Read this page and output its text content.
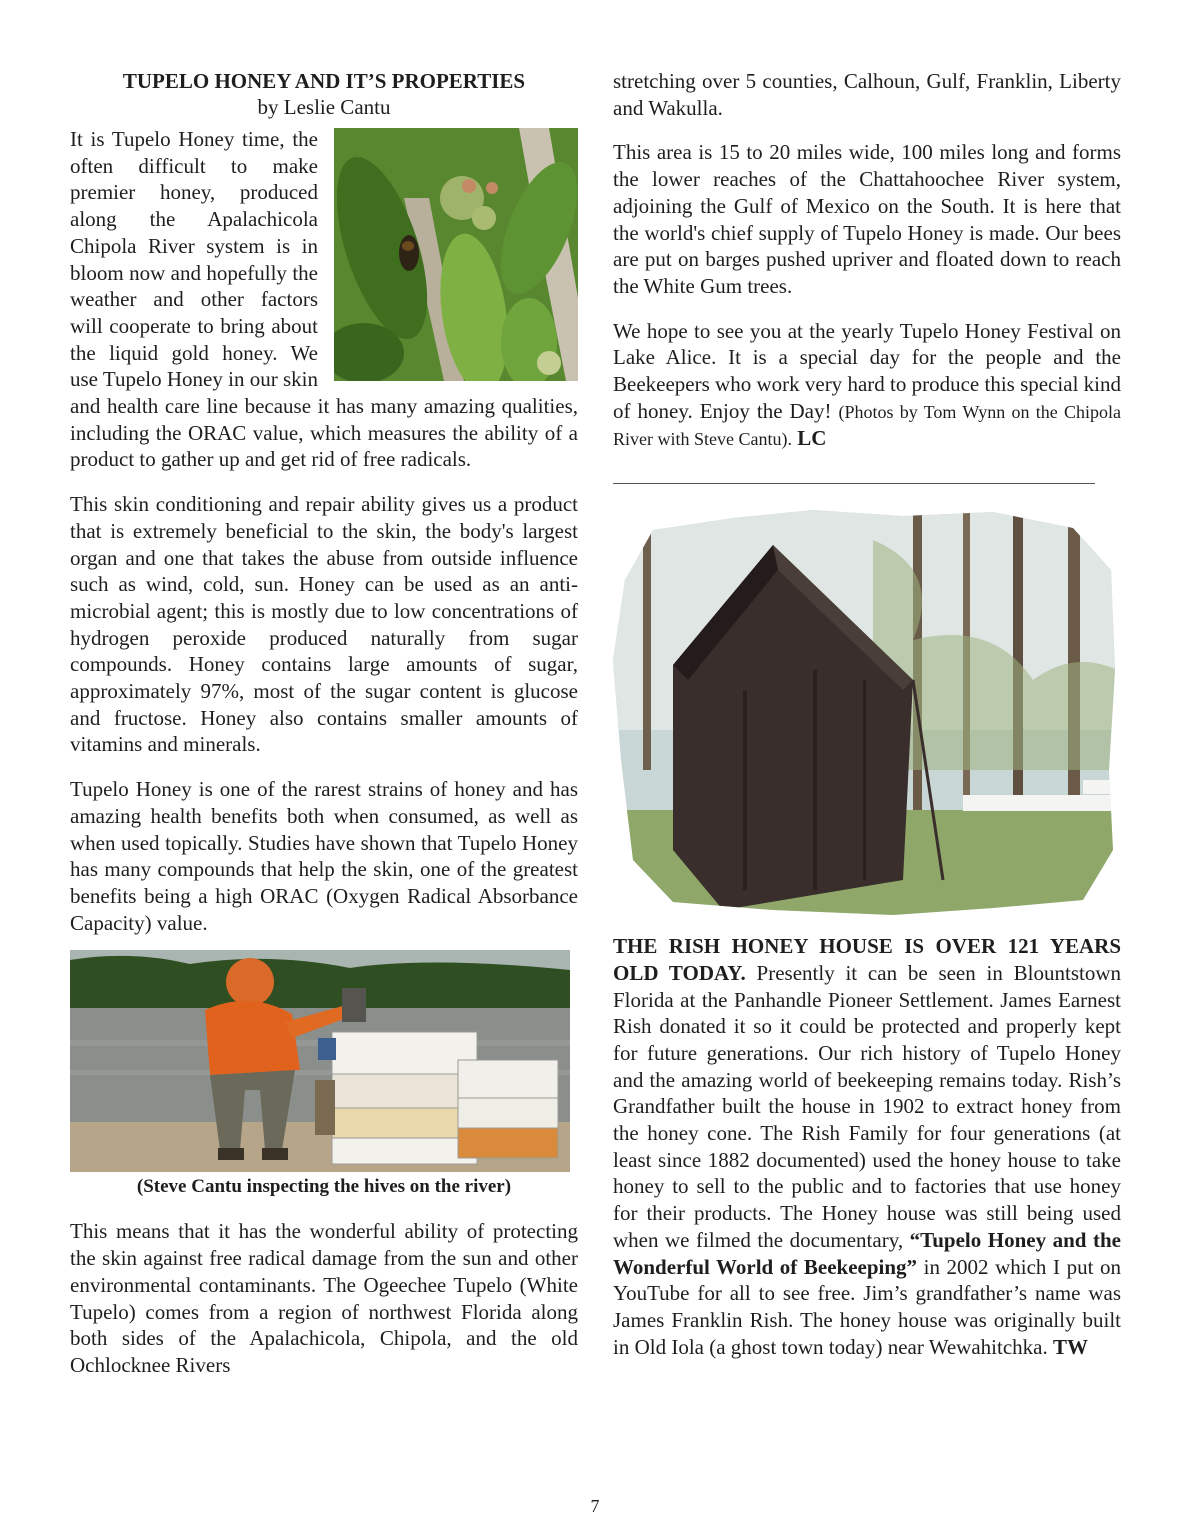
TUPELO HONEY AND IT’S PROPERTIES
by Leslie Cantu

It is Tupelo Honey time, the often difficult to make premier honey, produced along the Apalachicola Chipola River system is in bloom now and hopefully the weather and other factors will cooperate to bring about the liquid gold honey. We use Tupelo Honey in our skin and health care line because it has many amazing qualities, including the ORAC value, which measures the ability of a product to gather up and get rid of free radicals.

This skin conditioning and repair ability gives us a product that is extremely beneficial to the skin, the body's largest organ and one that takes the abuse from outside influence such as wind, cold, sun. Honey can be used as an anti-microbial agent; this is mostly due to low concentrations of hydrogen peroxide produced naturally from sugar compounds. Honey contains large amounts of sugar, approximately 97%, most of the sugar content is glucose and fructose. Honey also contains smaller amounts of vitamins and minerals.

Tupelo Honey is one of the rarest strains of honey and has amazing health benefits both when consumed, as well as when used topically. Studies have shown that Tupelo Honey has many compounds that help the skin, one of the greatest benefits being a high ORAC (Oxygen Radical Absorbance Capacity) value.

(Steve Cantu inspecting the hives on the river)

This means that it has the wonderful ability of protecting the skin against free radical damage from the sun and other environmental contaminants. The Ogeechee Tupelo (White Tupelo) comes from a region of northwest Florida along both sides of the Apalachicola, Chipola, and the old Ochlocknee Rivers

stretching over 5 counties, Calhoun, Gulf, Franklin, Liberty and Wakulla.

This area is 15 to 20 miles wide, 100 miles long and forms the lower reaches of the Chattahoochee River system, adjoining the Gulf of Mexico on the South. It is here that the world's chief supply of Tupelo Honey is made. Our bees are put on barges pushed upriver and floated down to reach the White Gum trees.

We hope to see you at the yearly Tupelo Honey Festival on Lake Alice. It is a special day for the people and the Beekeepers who work very hard to produce this special kind of honey. Enjoy the Day! (Photos by Tom Wynn on the Chipola River with Steve Cantu). LC

THE RISH HONEY HOUSE IS OVER 121 YEARS OLD TODAY. Presently it can be seen in Blountstown Florida at the Panhandle Pioneer Settlement. James Earnest Rish donated it so it could be protected and properly kept for future generations. Our rich history of Tupelo Honey and the amazing world of beekeeping remains today. Rish’s Grandfather built the house in 1902 to extract honey from the honey cone. The Rish Family for four generations (at least since 1882 documented) used the honey house to take honey to sell to the public and to factories that use honey for their products. The Honey house was still being used when we filmed the documentary, “Tupelo Honey and the Wonderful World of Beekeeping” in 2002 which I put on YouTube for all to see free. Jim’s grandfather’s name was James Franklin Rish. The honey house was originally built in Old Iola (a ghost town today) near Wewahitchka. TW

7
